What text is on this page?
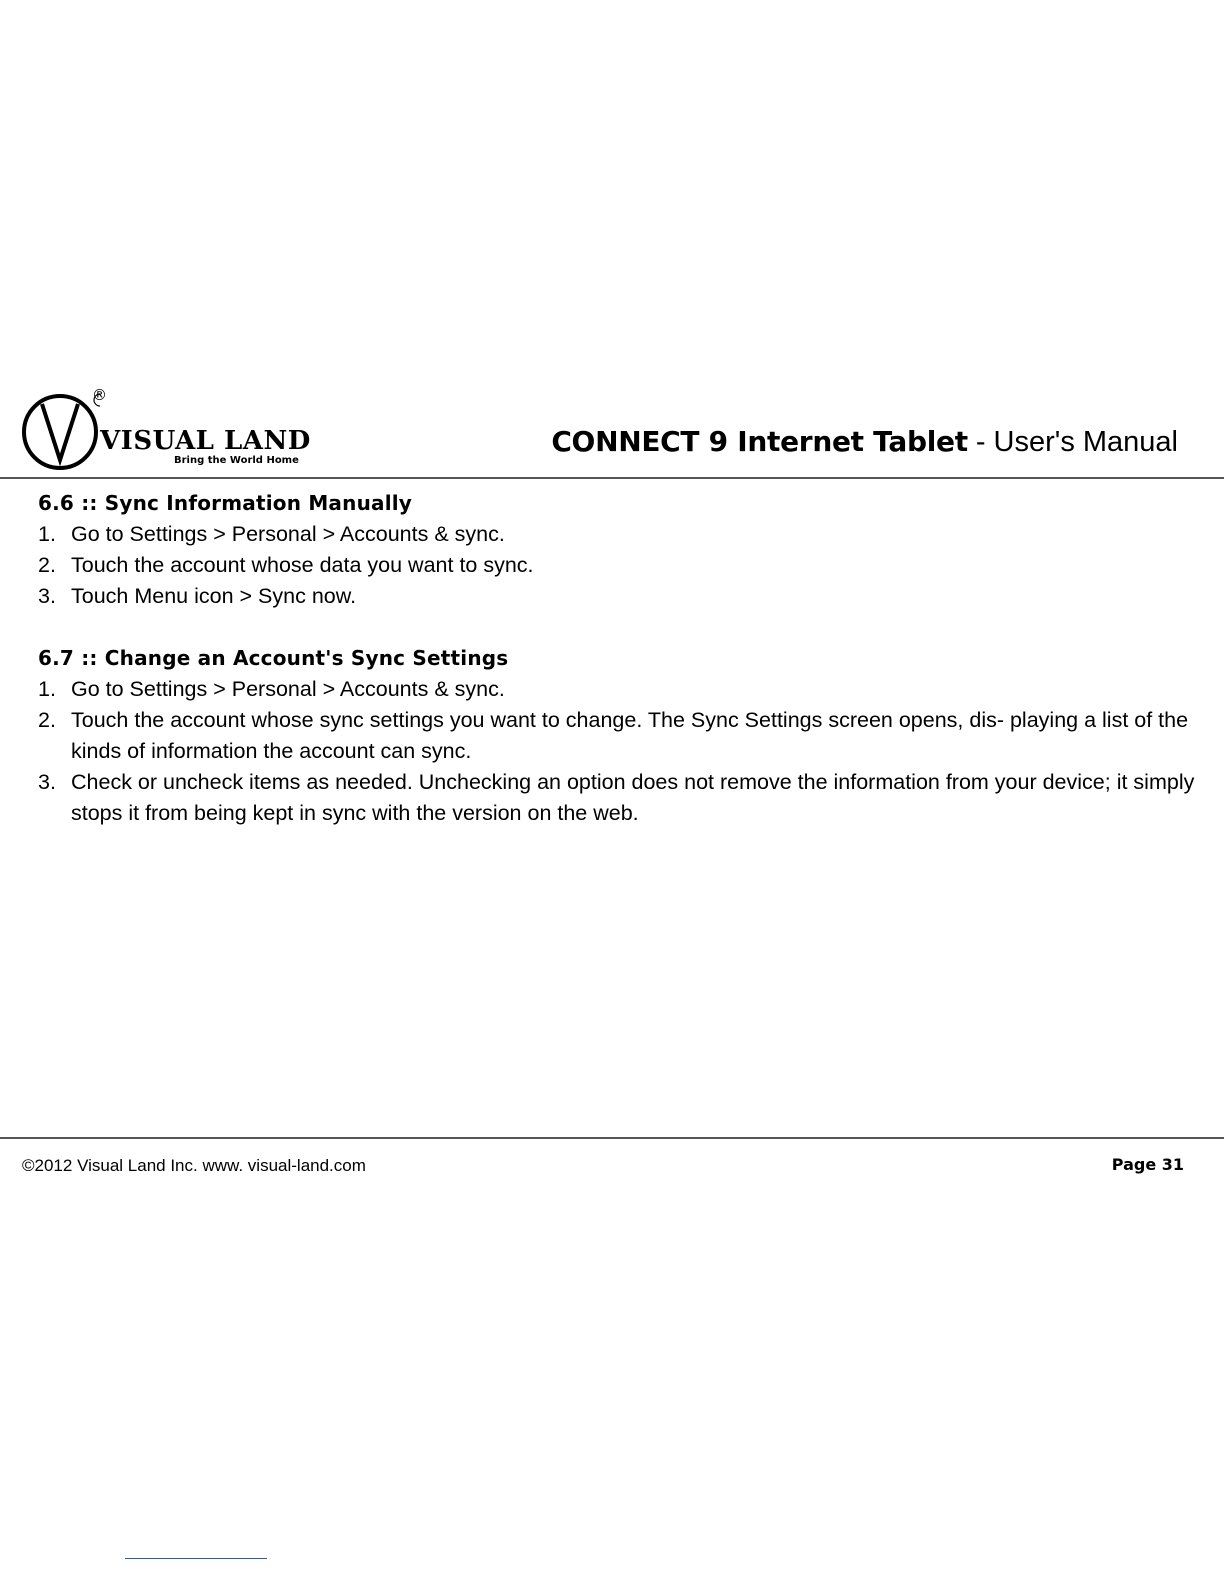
®
VISUAL LAND
Bring the World Home
CONNECT 9 Internet Tablet - User's Manual
6.6 :: Sync Information Manually
1. Go to Settings > Personal > Accounts & sync.
2. Touch the account whose data you want to sync.
3. Touch Menu icon > Sync now.
6.7 :: Change an Account's Sync Settings
1. Go to Settings > Personal > Accounts & sync.
2. Touch the account whose sync settings you want to change. The Sync Settings screen opens, dis- playing a list of the kinds of information the account can sync.
3. Check or uncheck items as needed. Unchecking an option does not remove the information from your device; it simply stops it from being kept in sync with the version on the web.
©2012 Visual Land Inc. www. visual-land.com	Page 31
